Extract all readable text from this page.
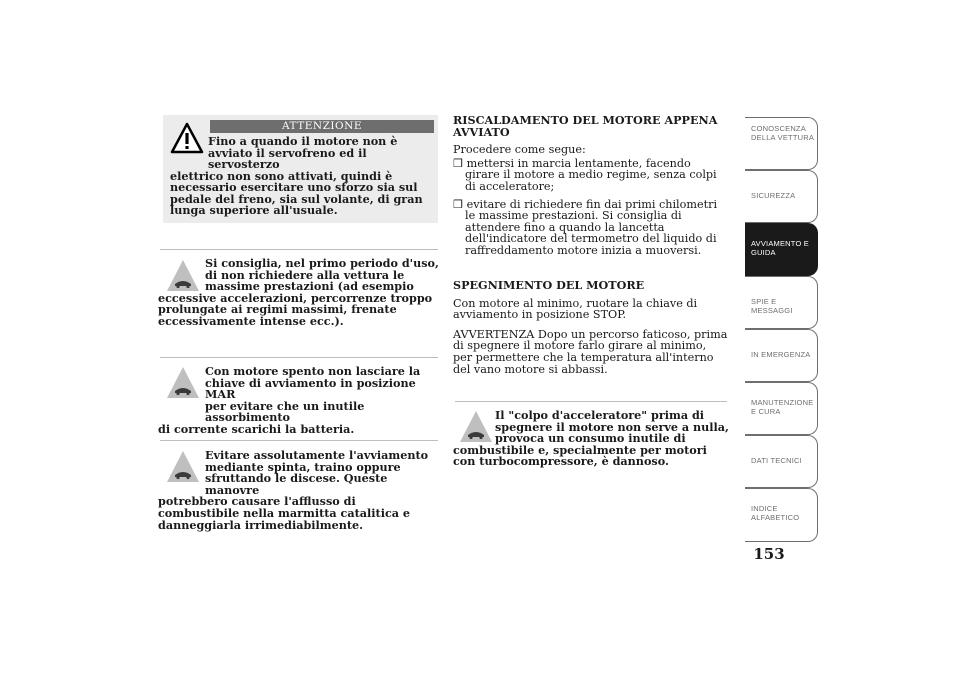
ATTENZIONE
Fino a quando il motore non è
avviato il servofreno ed il servosterzo
elettrico non sono attivati, quindi è necessario esercitare uno sforzo sia sul pedale del freno, sia sul volante, di gran lunga superiore all'usuale.
Si consiglia, nel primo periodo d'uso,
di non richiedere alla vettura le
massime prestazioni (ad esempio
eccessive accelerazioni, percorrenze troppo prolungate ai regimi massimi, frenate eccessivamente intense ecc.).
Con motore spento non lasciare la
chiave di avviamento in posizione MAR
per evitare che un inutile assorbimento
di corrente scarichi la batteria.
Evitare assolutamente l'avviamento
mediante spinta, traino oppure
sfruttando le discese. Queste manovre
potrebbero causare l'afflusso di combustibile nella marmitta catalitica e danneggiarla irrimediabilmente.
RISCALDAMENTO DEL MOTORE APPENA AVVIATO
Procedere come segue:
❒ mettersi in marcia lentamente, facendo girare il motore a medio regime, senza colpi di acceleratore;
❒ evitare di richiedere fin dai primi chilometri le massime prestazioni. Si consiglia di attendere fino a quando la lancetta dell'indicatore del termometro del liquido di raffreddamento motore inizia a muoversi.
SPEGNIMENTO DEL MOTORE
Con motore al minimo, ruotare la chiave di avviamento in posizione STOP.
AVVERTENZA Dopo un percorso faticoso, prima di spegnere il motore farlo girare al minimo, per permettere che la temperatura all'interno del vano motore si abbassi.
Il "colpo d'acceleratore" prima di
spegnere il motore non serve a nulla,
provoca un consumo inutile di
combustibile e, specialmente per motori con turbocompressore, è dannoso.
CONOSCENZA DELLA VETTURA
SICUREZZA
AVVIAMENTO E GUIDA
SPIE E MESSAGGI
IN EMERGENZA
MANUTENZIONE E CURA
DATI TECNICI
INDICE ALFABETICO
153
